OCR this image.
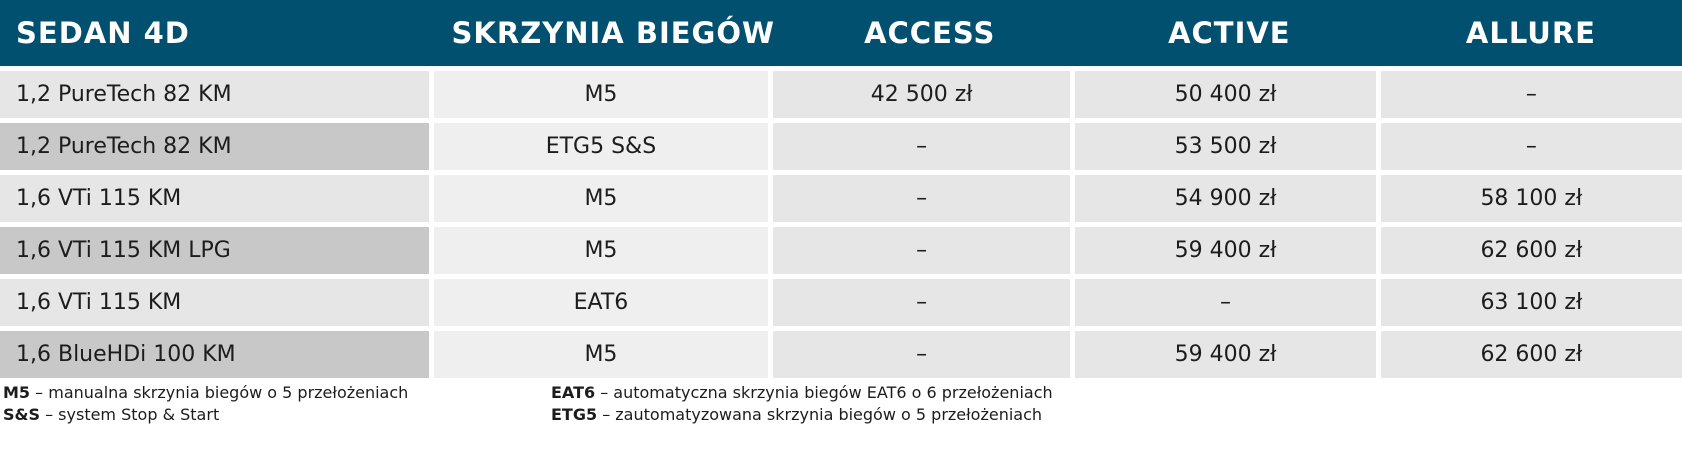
SEDAN 4D	SKRZYNIA BIEGÓW	ACCESS	ACTIVE	ALLURE
1,2 PureTech 82 KM	M5	42 500 zł	50 400 zł	–
1,2 PureTech 82 KM	ETG5 S&S	–	53 500 zł	–
1,6 VTi 115 KM	M5	–	54 900 zł	58 100 zł
1,6 VTi 115 KM LPG	M5	–	59 400 zł	62 600 zł
1,6 VTi 115 KM	EAT6	–	–	63 100 zł
1,6 BlueHDi 100 KM	M5	–	59 400 zł	62 600 zł
M5 – manualna skrzynia biegów o 5 przełożeniach
S&S – system Stop & Start
EAT6 – automatyczna skrzynia biegów EAT6 o 6 przełożeniach
ETG5 – zautomatyzowana skrzynia biegów o 5 przełożeniach
